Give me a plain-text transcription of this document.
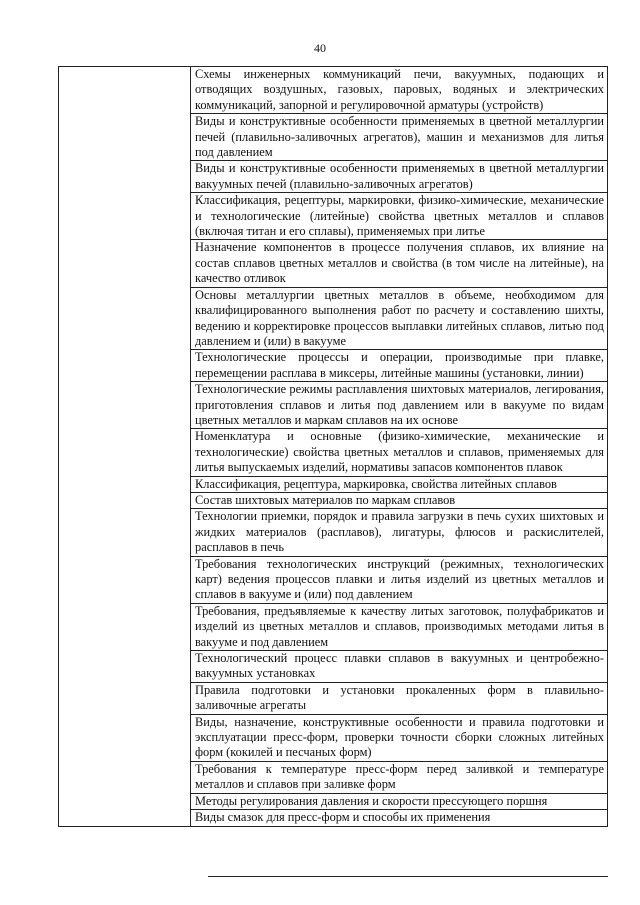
40
	Схемы инженерных коммуникаций печи, вакуумных, подающих и отводящих воздушных, газовых, паровых, водяных и электрических коммуникаций, запорной и регулировочной арматуры (устройств)
Виды и конструктивные особенности применяемых в цветной металлургии печей (плавильно-заливочных агрегатов), машин и механизмов для литья под давлением
Виды и конструктивные особенности применяемых в цветной металлургии вакуумных печей (плавильно-заливочных агрегатов)
Классификация, рецептуры, маркировки, физико-химические, механические и технологические (литейные) свойства цветных металлов и сплавов (включая титан и его сплавы), применяемых при литье
Назначение компонентов в процессе получения сплавов, их влияние на состав сплавов цветных металлов и свойства (в том числе на литейные), на качество отливок
Основы металлургии цветных металлов в объеме, необходимом для квалифицированного выполнения работ по расчету и составлению шихты, ведению и корректировке процессов выплавки литейных сплавов, литью под давлением и (или) в вакууме
Технологические процессы и операции, производимые при плавке, перемещении расплава в миксеры, литейные машины (установки, линии)
Технологические режимы расплавления шихтовых материалов, легирования, приготовления сплавов и литья под давлением или в вакууме по видам цветных металлов и маркам сплавов на их основе
Номенклатура и основные (физико-химические, механические и технологические) свойства цветных металлов и сплавов, применяемых для литья выпускаемых изделий, нормативы запасов компонентов плавок
Классификация, рецептура, маркировка, свойства литейных сплавов
Состав шихтовых материалов по маркам сплавов
Технологии приемки, порядок и правила загрузки в печь сухих шихтовых и жидких материалов (расплавов), лигатуры, флюсов и раскислителей, расплавов в печь
Требования технологических инструкций (режимных, технологических карт) ведения процессов плавки и литья изделий из цветных металлов и сплавов в вакууме и (или) под давлением
Требования, предъявляемые к качеству литых заготовок, полуфабрикатов и изделий из цветных металлов и сплавов, производимых методами литья в вакууме и под давлением
Технологический процесс плавки сплавов в вакуумных и центробежно-вакуумных установках
Правила подготовки и установки прокаленных форм в плавильно-заливочные агрегаты
Виды, назначение, конструктивные особенности и правила подготовки и эксплуатации пресс-форм, проверки точности сборки сложных литейных форм (кокилей и песчаных форм)
Требования к температуре пресс-форм перед заливкой и температуре металлов и сплавов при заливке форм
Методы регулирования давления и скорости прессующего поршня
Виды смазок для пресс-форм и способы их применения
